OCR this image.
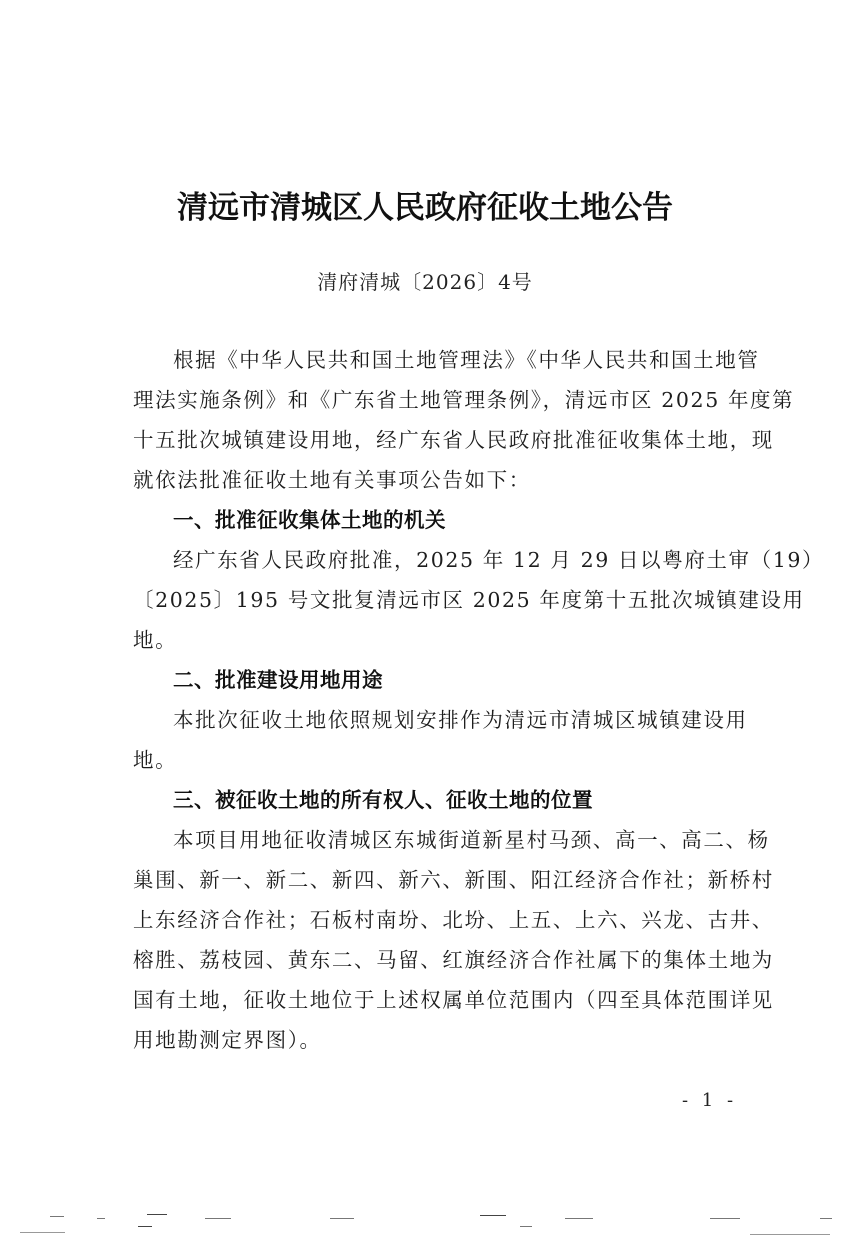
清远市清城区人民政府征收土地公告
清府清城〔2026〕4号
根据《中华人民共和国土地管理法》《中华人民共和国土地管
理法实施条例》和《广东省土地管理条例》，清远市区 2025 年度第
十五批次城镇建设用地，经广东省人民政府批准征收集体土地，现
就依法批准征收土地有关事项公告如下：
一、批准征收集体土地的机关
经广东省人民政府批准，2025 年 12 月 29 日以粤府土审（19）
〔2025〕195 号文批复清远市区 2025 年度第十五批次城镇建设用
地。
二、批准建设用地用途
本批次征收土地依照规划安排作为清远市清城区城镇建设用
地。
三、被征收土地的所有权人、征收土地的位置
本项目用地征收清城区东城街道新星村马颈、高一、高二、杨
巢围、新一、新二、新四、新六、新围、阳江经济合作社；新桥村
上东经济合作社；石板村南坋、北坋、上五、上六、兴龙、古井、
榕胜、荔枝园、黄东二、马留、红旗经济合作社属下的集体土地为
国有土地，征收土地位于上述权属单位范围内（四至具体范围详见
用地勘测定界图）。
- 1 -
